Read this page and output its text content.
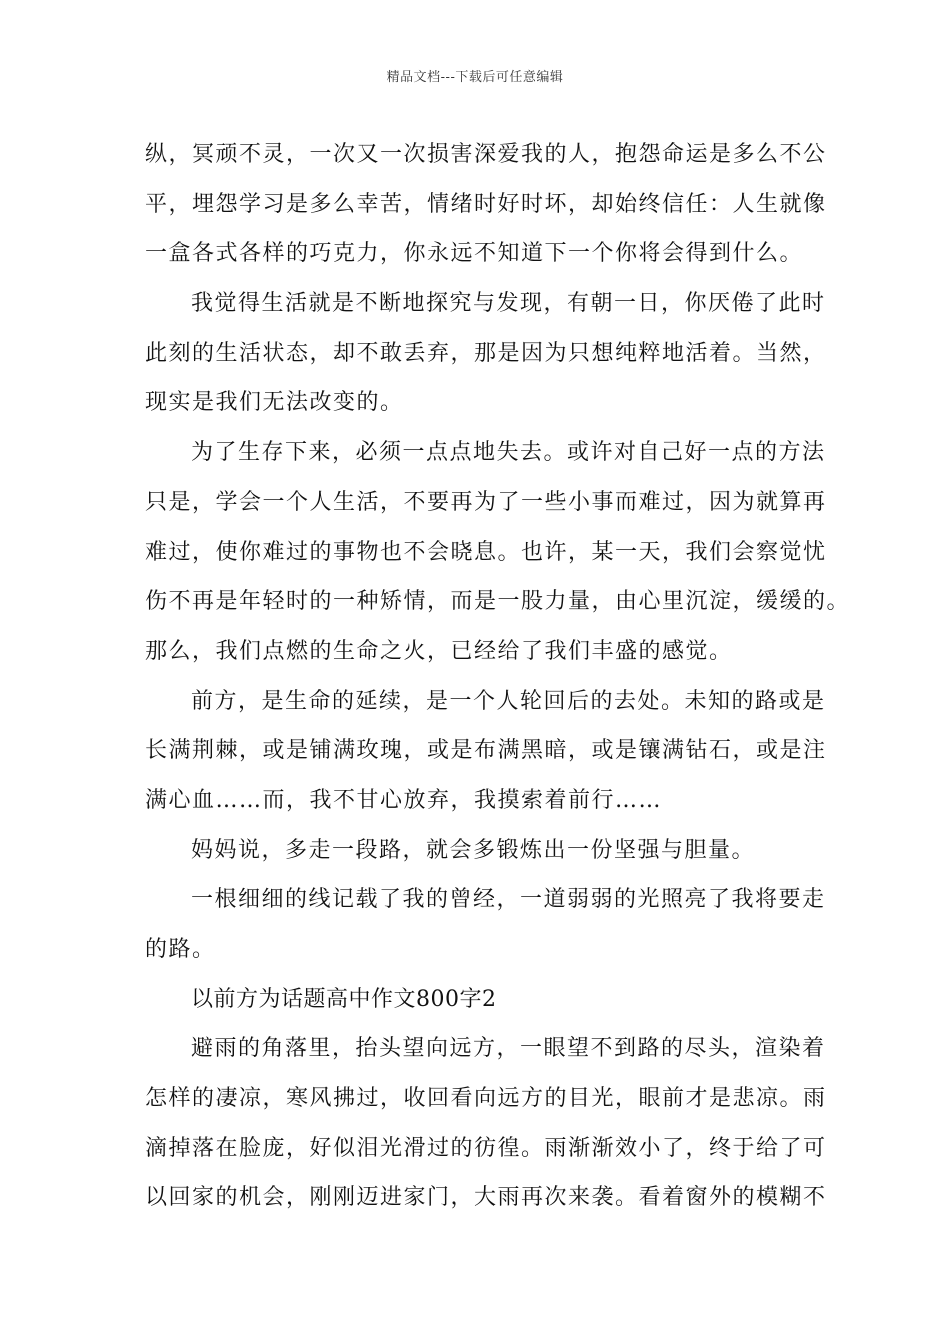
精品文档---下载后可任意编辑
纵，冥顽不灵，一次又一次损害深爱我的人，抱怨命运是多么不公
平，埋怨学习是多么幸苦，情绪时好时坏，却始终信任：人生就像
一盒各式各样的巧克力，你永远不知道下一个你将会得到什么。
我觉得生活就是不断地探究与发现，有朝一日，你厌倦了此时
此刻的生活状态，却不敢丢弃，那是因为只想纯粹地活着。当然，
现实是我们无法改变的。
为了生存下来，必须一点点地失去。或许对自己好一点的方法
只是，学会一个人生活，不要再为了一些小事而难过，因为就算再
难过，使你难过的事物也不会晓息。也许，某一天，我们会察觉忧
伤不再是年轻时的一种矫情，而是一股力量，由心里沉淀，缓缓的。
那么，我们点燃的生命之火，已经给了我们丰盛的感觉。
前方，是生命的延续，是一个人轮回后的去处。未知的路或是
长满荆棘，或是铺满玫瑰，或是布满黑暗，或是镶满钻石，或是注
满心血……而，我不甘心放弃，我摸索着前行……
妈妈说，多走一段路，就会多锻炼出一份坚强与胆量。
一根细细的线记载了我的曾经，一道弱弱的光照亮了我将要走
的路。
以前方为话题高中作文800字2
避雨的角落里，抬头望向远方，一眼望不到路的尽头，渲染着
怎样的凄凉，寒风拂过，收回看向远方的目光，眼前才是悲凉。雨
滴掉落在脸庞，好似泪光滑过的彷徨。雨渐渐效小了，终于给了可
以回家的机会，刚刚迈进家门，大雨再次来袭。看着窗外的模糊不
